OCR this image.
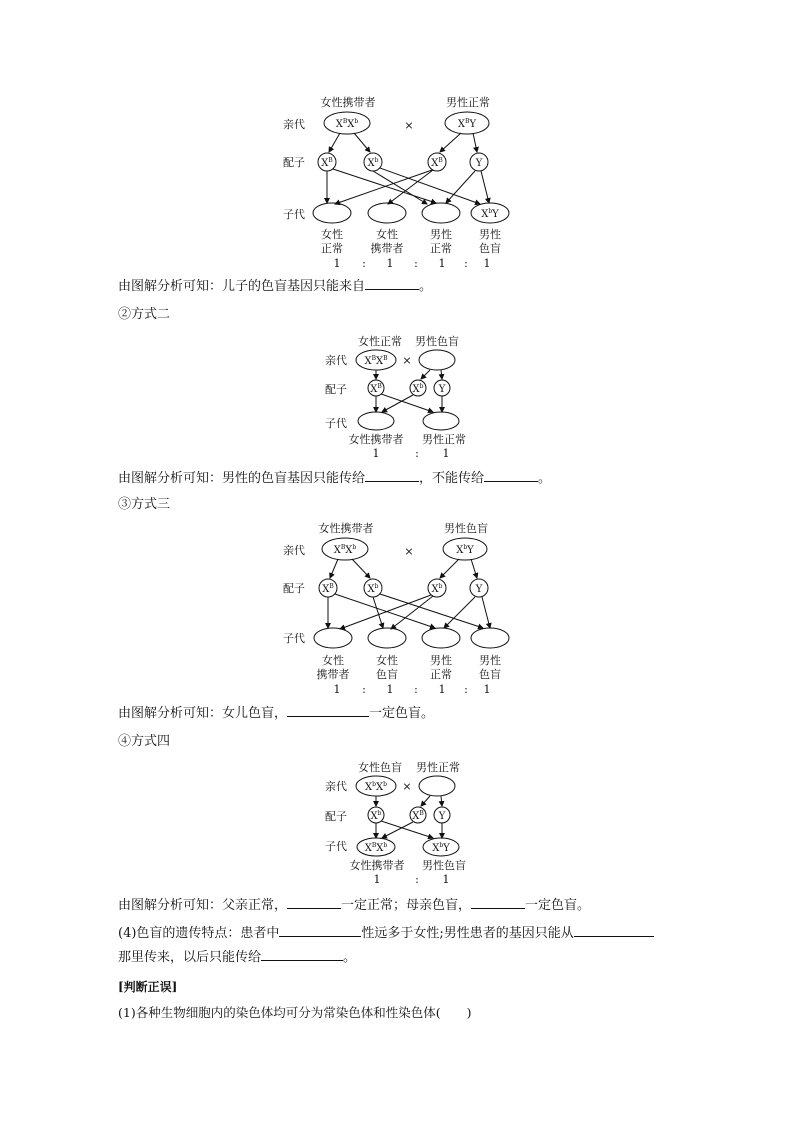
女性携带者	男性正常
亲代
配子
子代
$X^BX^b$	×	$X^BY$
$X^B$	$X^b$	$X^B$	Y
$X^bY$
女性
正常
女性
携带者
男性
正常
男性
色盲
1 : 1 : 1 : 1
由图解分析可知：儿子的色盲基因只能来自	。
②方式二
女性正常 男性色盲
亲代
配子
子代
$X^BX^B$ ×
$X^B$	$X^b$ Y
女性携带者 男性正常
1	: 1
由图解分析可知：男性的色盲基因只能传给	，不能传给	。
③方式三
女性携带者	男性色盲
亲代
配子
子代
$X^BX^b$	×	$X^bY$
$X^B$	$X^b$	$X^b$	Y
女性
携带者
女性
色盲
男性
正常
男性
色盲
1 : 1 : 1 : 1
由图解分析可知：女儿色盲，	一定色盲。
④方式四
女性色盲 男性正常
亲代
配子
子代
$X^bX^b$ ×
$X^b$	$X^B$ Y
$X^BX^b$	$X^bY$
女性携带者 男性色盲
1	: 1
由图解分析可知：父亲正常，	一定正常；母亲色盲，	一定色盲。
(4)色盲的遗传特点：患者中	性远多于女性;男性患者的基因只能从
那里传来，以后只能传给	。
[判断正误]
(1)各种生物细胞内的染色体均可分为常染色体和性染色体( )
